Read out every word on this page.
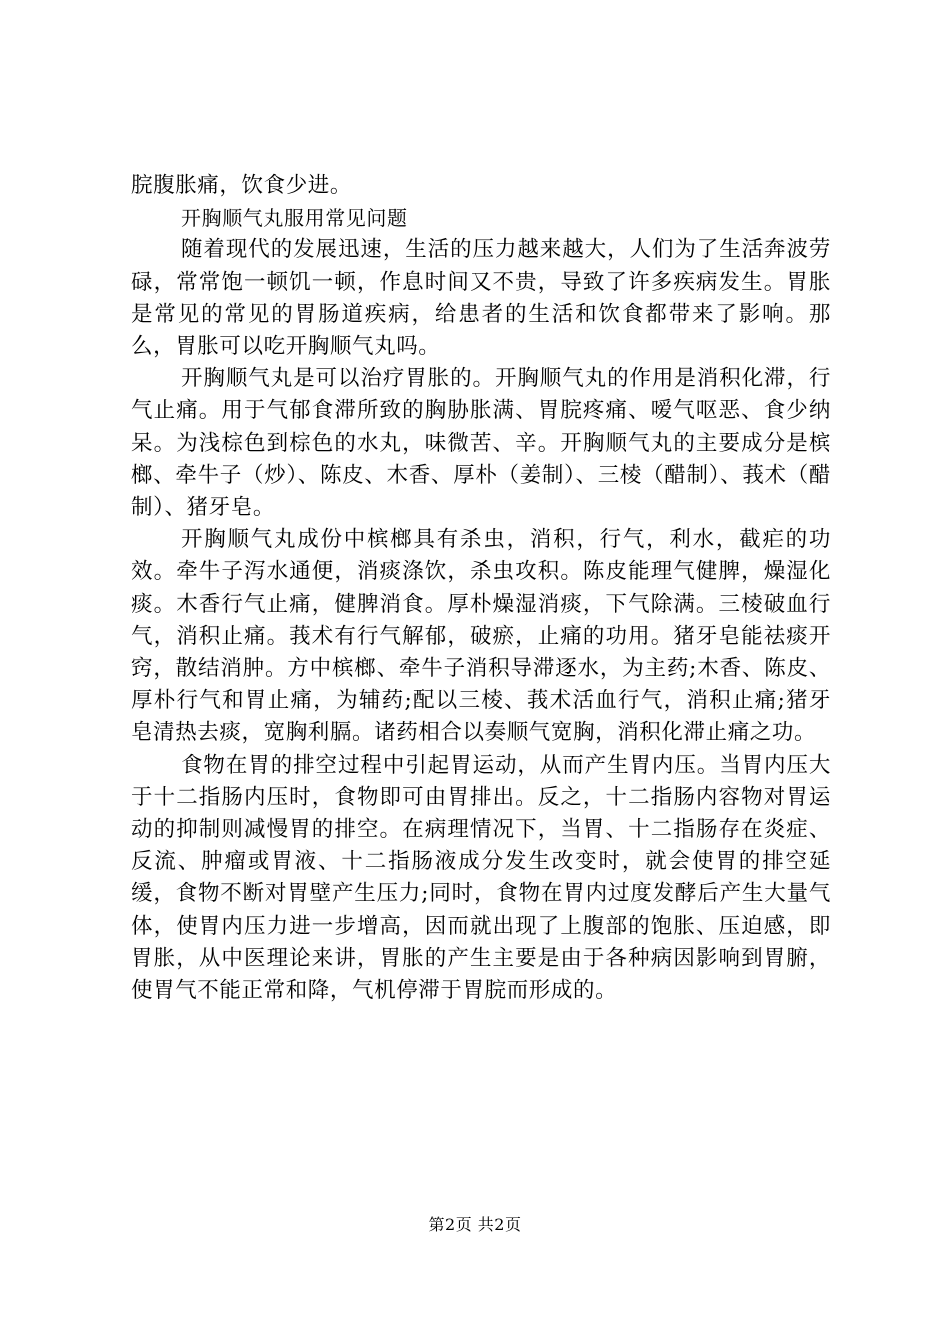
脘腹胀痛，饮食少进。

开胸顺气丸服用常见问题

随着现代的发展迅速，生活的压力越来越大，人们为了生活奔波劳碌，常常饱一顿饥一顿，作息时间又不贵，导致了许多疾病发生。胃胀是常见的常见的胃肠道疾病，给患者的生活和饮食都带来了影响。那么，胃胀可以吃开胸顺气丸吗。

开胸顺气丸是可以治疗胃胀的。开胸顺气丸的作用是消积化滞，行气止痛。用于气郁食滞所致的胸胁胀满、胃脘疼痛、嗳气呕恶、食少纳呆。为浅棕色到棕色的水丸，味微苦、辛。开胸顺气丸的主要成分是槟榔、牵牛子（炒）、陈皮、木香、厚朴（姜制）、三棱（醋制）、莪术（醋制）、猪牙皂。

开胸顺气丸成份中槟榔具有杀虫，消积，行气，利水，截疟的功效。牵牛子泻水通便，消痰涤饮，杀虫攻积。陈皮能理气健脾，燥湿化痰。木香行气止痛，健脾消食。厚朴燥湿消痰，下气除满。三棱破血行气，消积止痛。莪术有行气解郁，破瘀，止痛的功用。猪牙皂能祛痰开窍，散结消肿。方中槟榔、牵牛子消积导滞逐水，为主药;木香、陈皮、厚朴行气和胃止痛，为辅药;配以三棱、莪术活血行气，消积止痛;猪牙皂清热去痰，宽胸利膈。诸药相合以奏顺气宽胸，消积化滞止痛之功。

食物在胃的排空过程中引起胃运动，从而产生胃内压。当胃内压大于十二指肠内压时，食物即可由胃排出。反之，十二指肠内容物对胃运动的抑制则减慢胃的排空。在病理情况下，当胃、十二指肠存在炎症、反流、肿瘤或胃液、十二指肠液成分发生改变时，就会使胃的排空延缓，食物不断对胃壁产生压力;同时，食物在胃内过度发酵后产生大量气体，使胃内压力进一步增高，因而就出现了上腹部的饱胀、压迫感，即胃胀，从中医理论来讲，胃胀的产生主要是由于各种病因影响到胃腑，使胃气不能正常和降，气机停滞于胃脘而形成的。

第2页 共2页
